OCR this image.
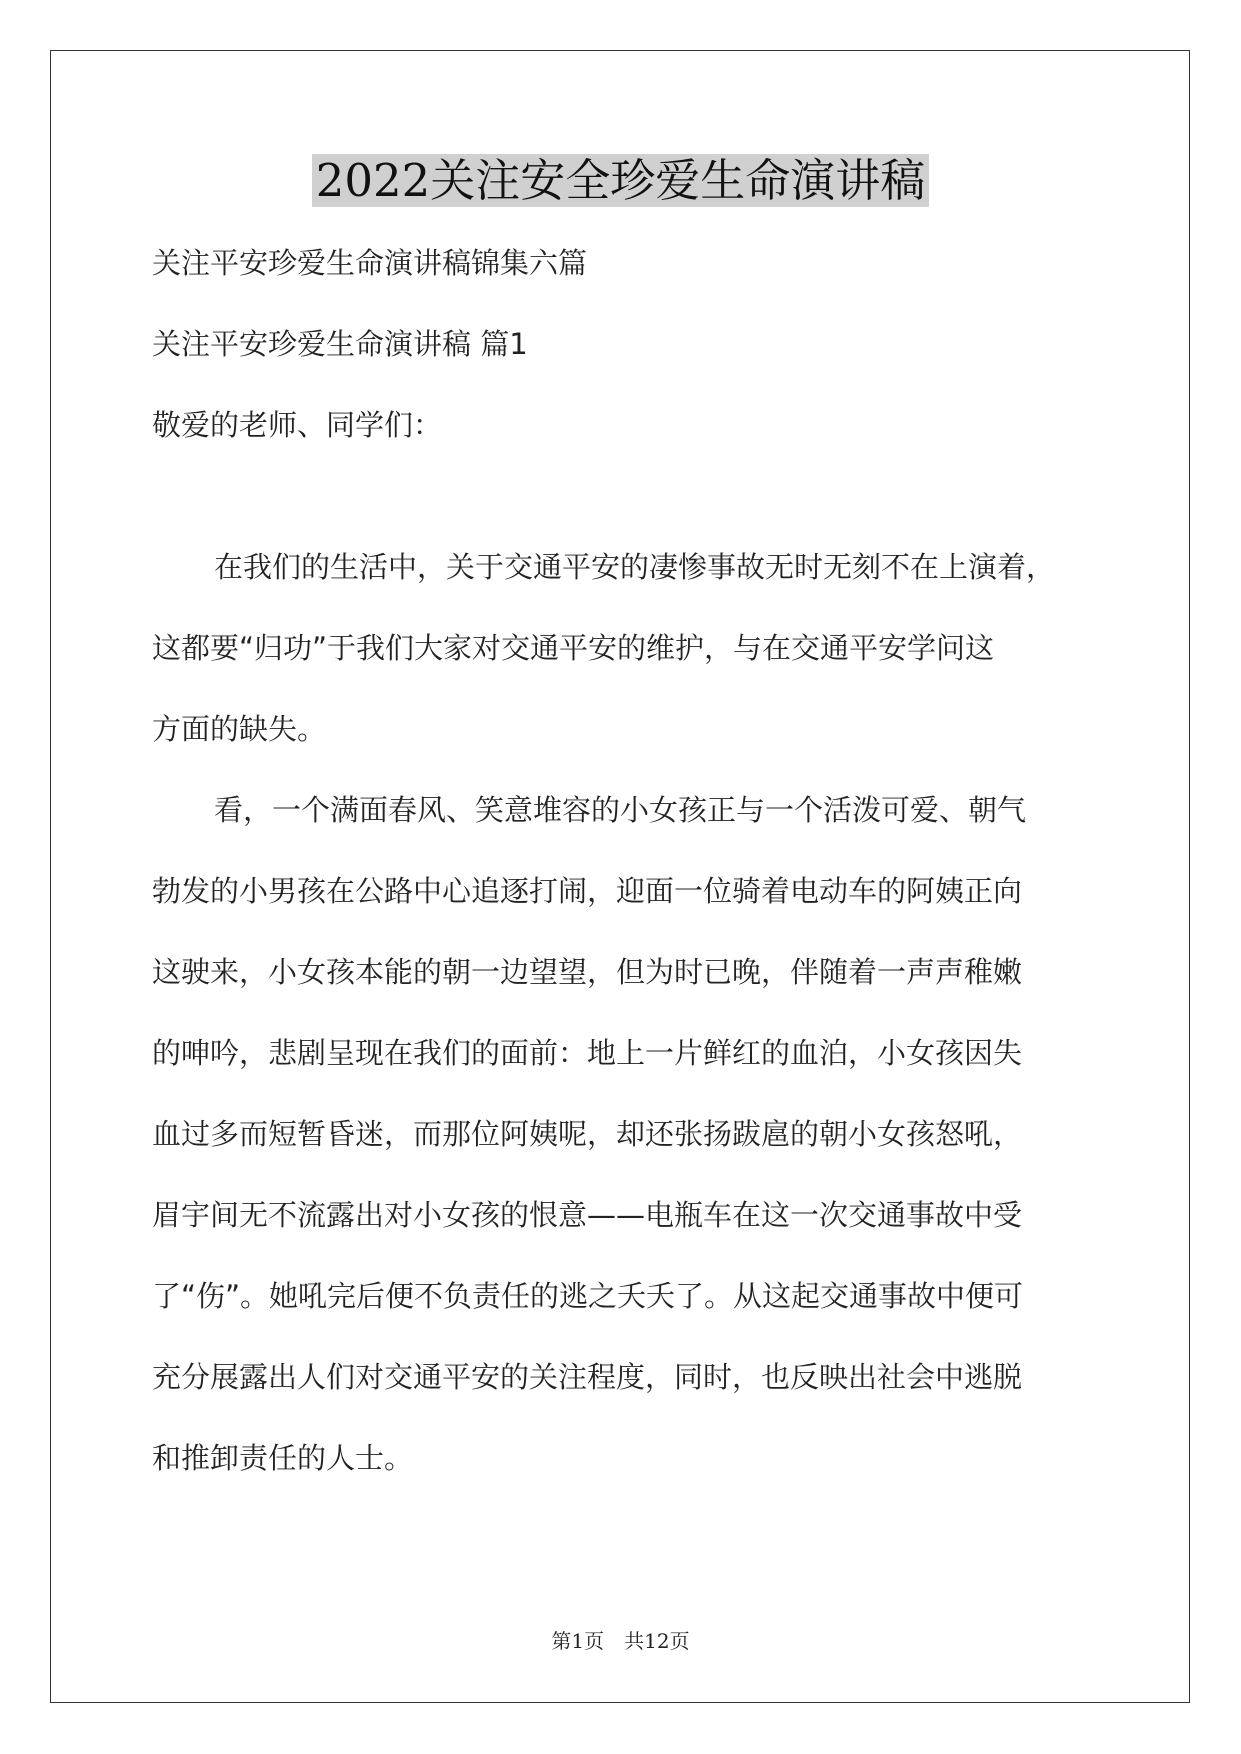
2022关注安全珍爱生命演讲稿

关注平安珍爱生命演讲稿锦集六篇

关注平安珍爱生命演讲稿 篇1

敬爱的老师、同学们：

在我们的生活中，关于交通平安的凄惨事故无时无刻不在上演着，

这都要“归功”于我们大家对交通平安的维护，与在交通平安学问这

方面的缺失。

看，一个满面春风、笑意堆容的小女孩正与一个活泼可爱、朝气

勃发的小男孩在公路中心追逐打闹，迎面一位骑着电动车的阿姨正向

这驶来，小女孩本能的朝一边望望，但为时已晚，伴随着一声声稚嫩

的呻吟，悲剧呈现在我们的面前：地上一片鲜红的血泊，小女孩因失

血过多而短暂昏迷，而那位阿姨呢，却还张扬跋扈的朝小女孩怒吼，

眉宇间无不流露出对小女孩的恨意——电瓶车在这一次交通事故中受

了“伤”。她吼完后便不负责任的逃之夭夭了。从这起交通事故中便可

充分展露出人们对交通平安的关注程度，同时，也反映出社会中逃脱

和推卸责任的人士。

第1页　共12页
